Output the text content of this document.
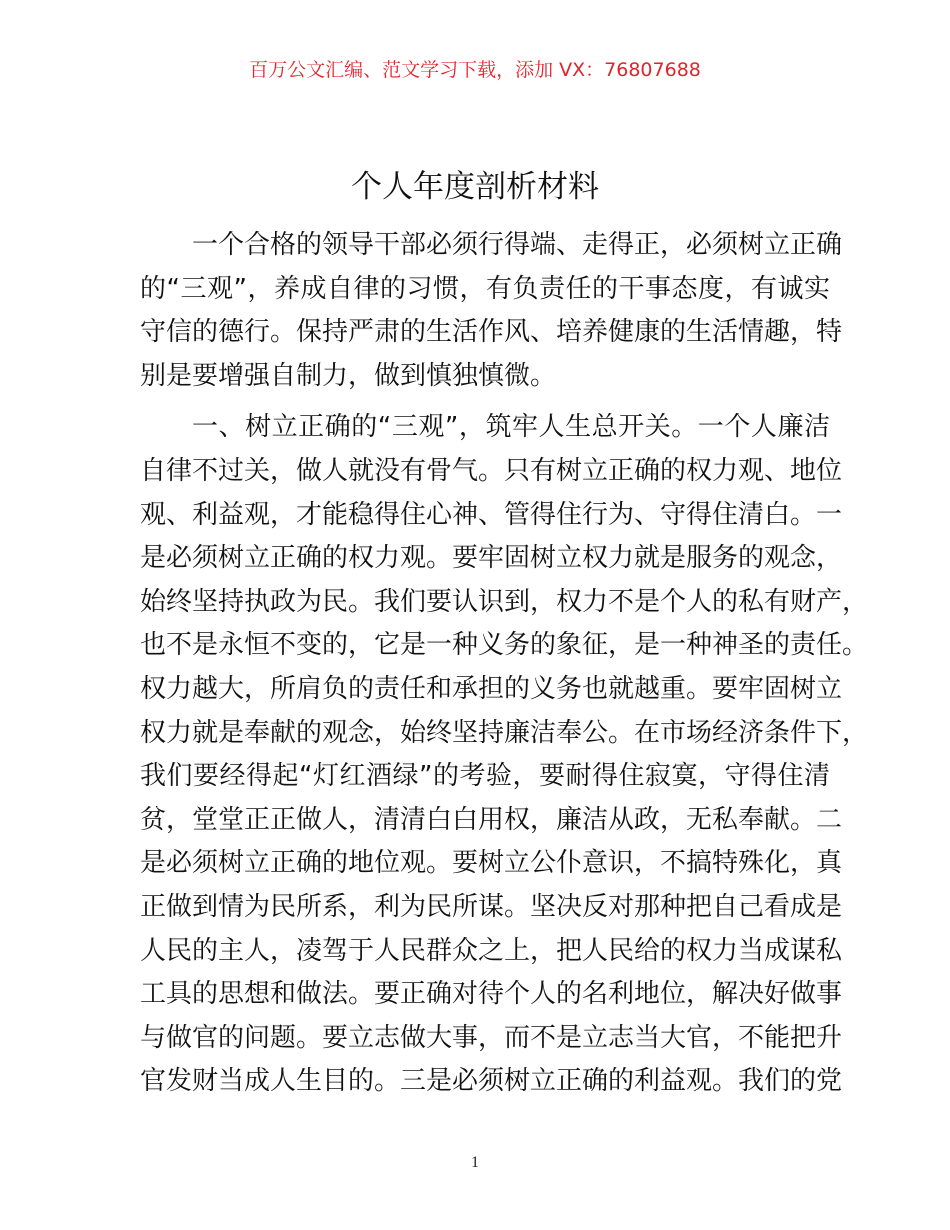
百万公文汇编、范文学习下载，添加 VX：76807688
个人年度剖析材料
一个合格的领导干部必须行得端、走得正，必须树立正确
的“三观”，养成自律的习惯，有负责任的干事态度，有诚实
守信的德行。保持严肃的生活作风、培养健康的生活情趣，特
别是要增强自制力，做到慎独慎微。
一、树立正确的“三观”，筑牢人生总开关。一个人廉洁
自律不过关，做人就没有骨气。只有树立正确的权力观、地位
观、利益观，才能稳得住心神、管得住行为、守得住清白。一
是必须树立正确的权力观。要牢固树立权力就是服务的观念，
始终坚持执政为民。我们要认识到，权力不是个人的私有财产，
也不是永恒不变的，它是一种义务的象征，是一种神圣的责任。
权力越大，所肩负的责任和承担的义务也就越重。要牢固树立
权力就是奉献的观念，始终坚持廉洁奉公。在市场经济条件下，
我们要经得起“灯红酒绿”的考验，要耐得住寂寞，守得住清
贫，堂堂正正做人，清清白白用权，廉洁从政，无私奉献。二
是必须树立正确的地位观。要树立公仆意识，不搞特殊化，真
正做到情为民所系，利为民所谋。坚决反对那种把自己看成是
人民的主人，凌驾于人民群众之上，把人民给的权力当成谋私
工具的思想和做法。要正确对待个人的名利地位，解决好做事
与做官的问题。要立志做大事，而不是立志当大官，不能把升
官发财当成人生目的。三是必须树立正确的利益观。我们的党
1
